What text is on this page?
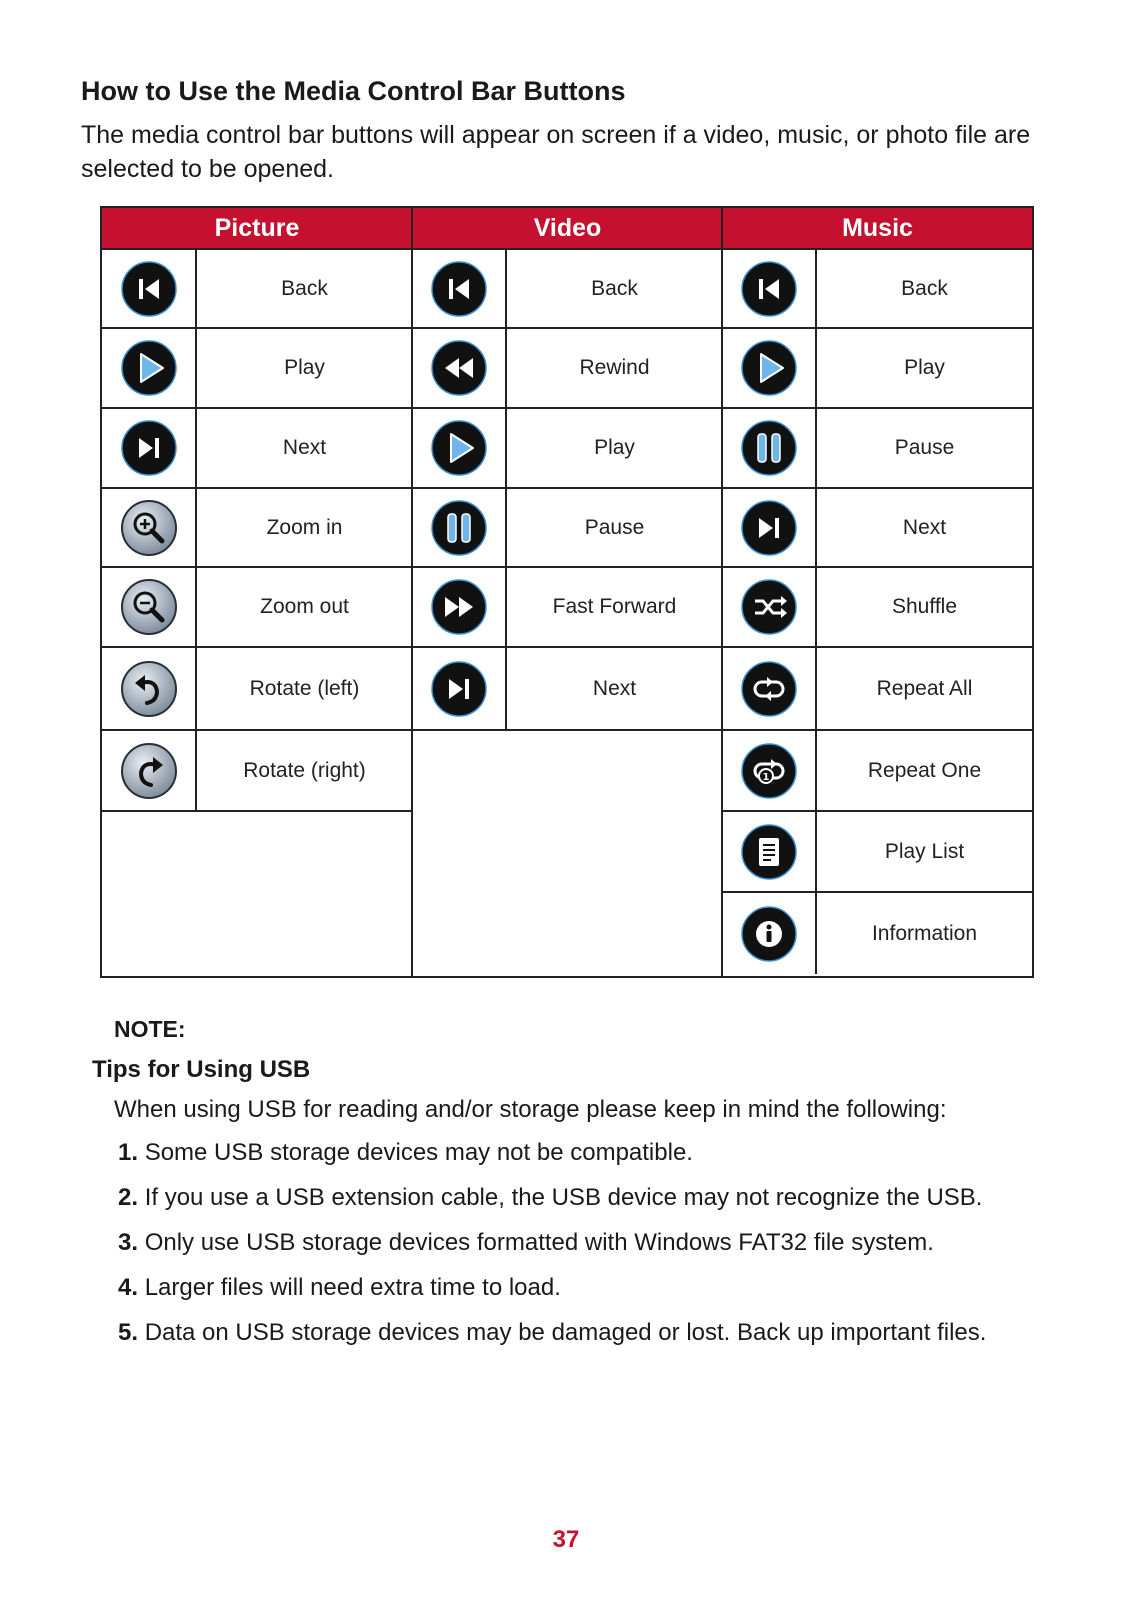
How to Use the Media Control Bar Buttons

The media control bar buttons will appear on screen if a video, music, or photo file are selected to be opened.

Picture
Back
Play
Next
Zoom in
Zoom out
Rotate (left)
Rotate (right)
Video
Back
Rewind
Play
Pause
Fast Forward
Next
Music
Back
Play
Pause
Next
Shuffle
Repeat All
1	Repeat One
Play List
Information

NOTE:

Tips for Using USB

When using USB for reading and/or storage please keep in mind the following:

1. Some USB storage devices may not be compatible.
2. If you use a USB extension cable, the USB device may not recognize the USB.
3. Only use USB storage devices formatted with Windows FAT32 file system.
4. Larger files will need extra time to load.
5. Data on USB storage devices may be damaged or lost. Back up important files.
37
